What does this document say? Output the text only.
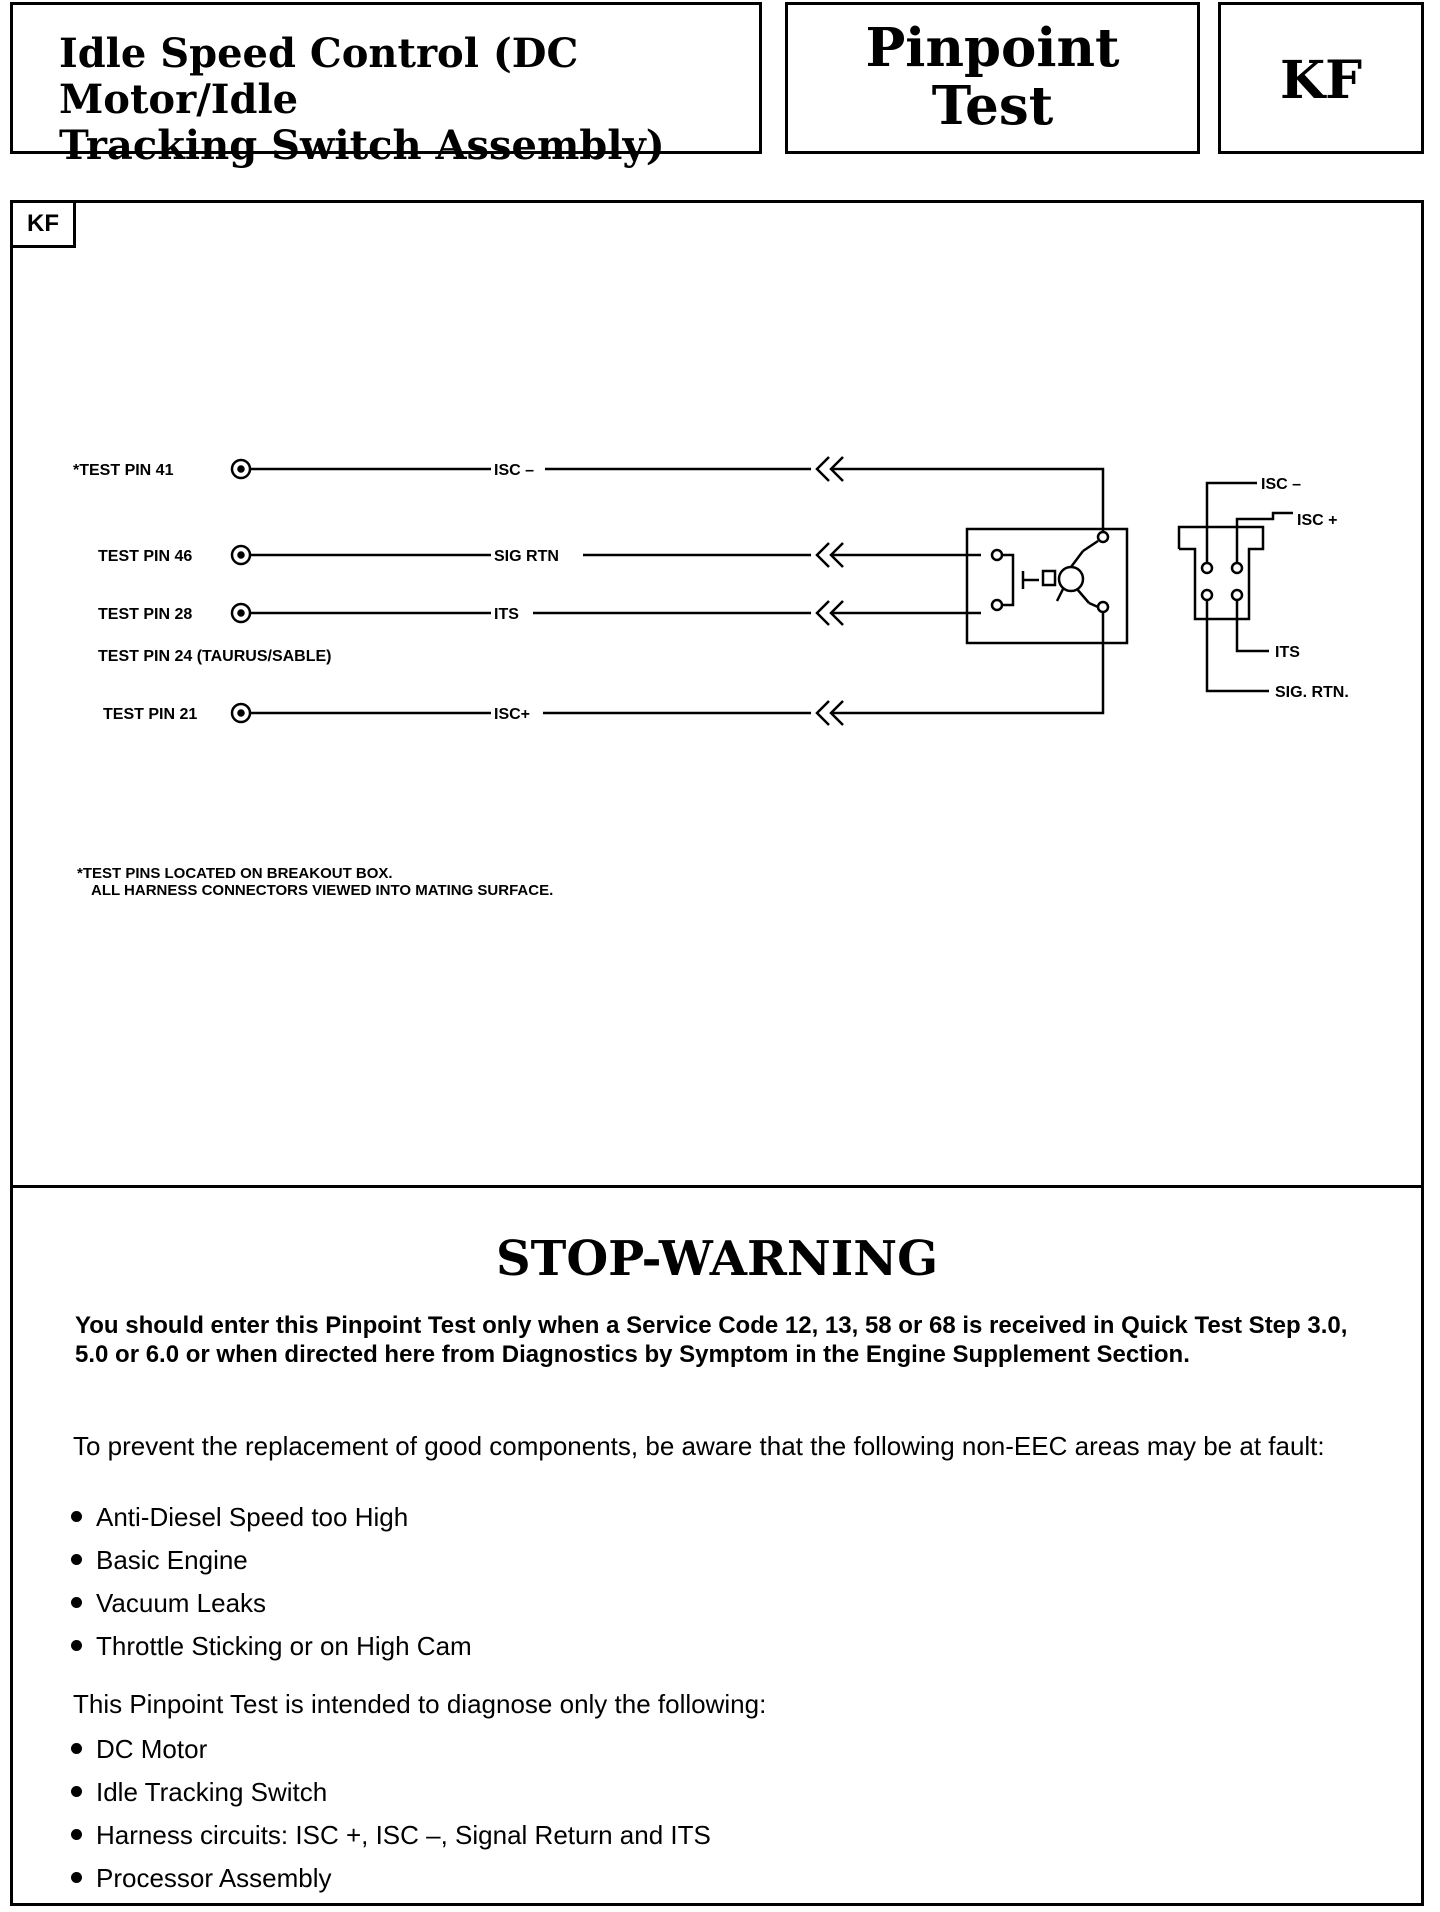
Idle Speed Control (DC Motor/Idle
Tracking Switch Assembly)
Pinpoint
Test	KF
KF
*TEST PIN 41
TEST PIN 46
TEST PIN 28
TEST PIN 24 (TAURUS/SABLE)
TEST PIN 21
ISC –
SIG RTN
ITS
ISC+
ISC –
ISC +
ITS
SIG. RTN.
*TEST PINS LOCATED ON BREAKOUT BOX.
ALL HARNESS CONNECTORS VIEWED INTO MATING SURFACE.
STOP-WARNING
You should enter this Pinpoint Test only when a Service Code 12, 13, 58 or 68 is received in Quick Test Step 3.0, 5.0 or 6.0 or when directed here from Diagnostics by Symptom in the Engine Supplement Section.
To prevent the replacement of good components, be aware that the following non-EEC areas may be at fault:
Anti-Diesel Speed too High
Basic Engine
Vacuum Leaks
Throttle Sticking or on High Cam
This Pinpoint Test is intended to diagnose only the following:
DC Motor
Idle Tracking Switch
Harness circuits: ISC +, ISC –, Signal Return and ITS
Processor Assembly
